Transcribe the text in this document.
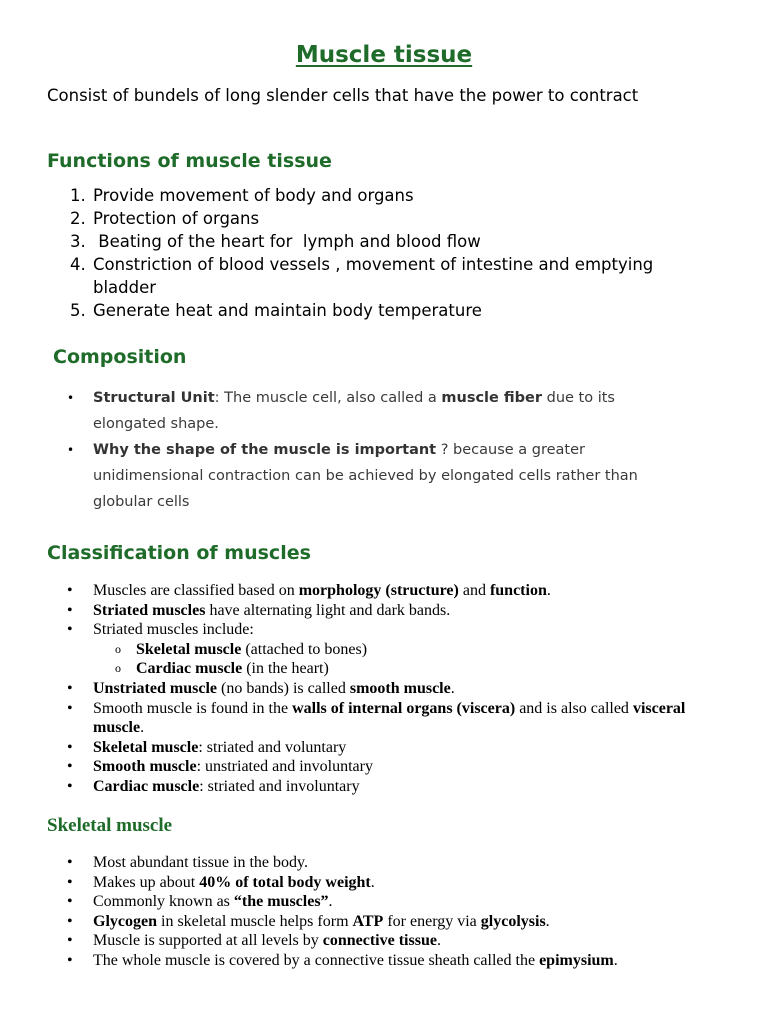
Muscle tissue
Consist of bundels of long slender cells that have the power to contract
Functions of muscle tissue
1. Provide movement of body and organs
2. Protection of organs
3. Beating of the heart for  lymph and blood flow
4. Constriction of blood vessels , movement of intestine and emptying bladder
5. Generate heat and maintain body temperature
Composition
•	Structural Unit: The muscle cell, also called a muscle fiber due to its elongated shape.
•	Why the shape of the muscle is important ? because a greater unidimensional contraction can be achieved by elongated cells rather than globular cells
Classification of muscles
•	Muscles are classified based on morphology (structure) and function.
•	Striated muscles have alternating light and dark bands.
•	Striated muscles include:
o Skeletal muscle (attached to bones)
o Cardiac muscle (in the heart)
•	Unstriated muscle (no bands) is called smooth muscle.
•	Smooth muscle is found in the walls of internal organs (viscera) and is also called visceral muscle.
•	Skeletal muscle: striated and voluntary
•	Smooth muscle: unstriated and involuntary
•	Cardiac muscle: striated and involuntary
Skeletal muscle
•	Most abundant tissue in the body.
•	Makes up about 40% of total body weight.
•	Commonly known as “the muscles”.
•	Glycogen in skeletal muscle helps form ATP for energy via glycolysis.
•	Muscle is supported at all levels by connective tissue.
•	The whole muscle is covered by a connective tissue sheath called the epimysium.
